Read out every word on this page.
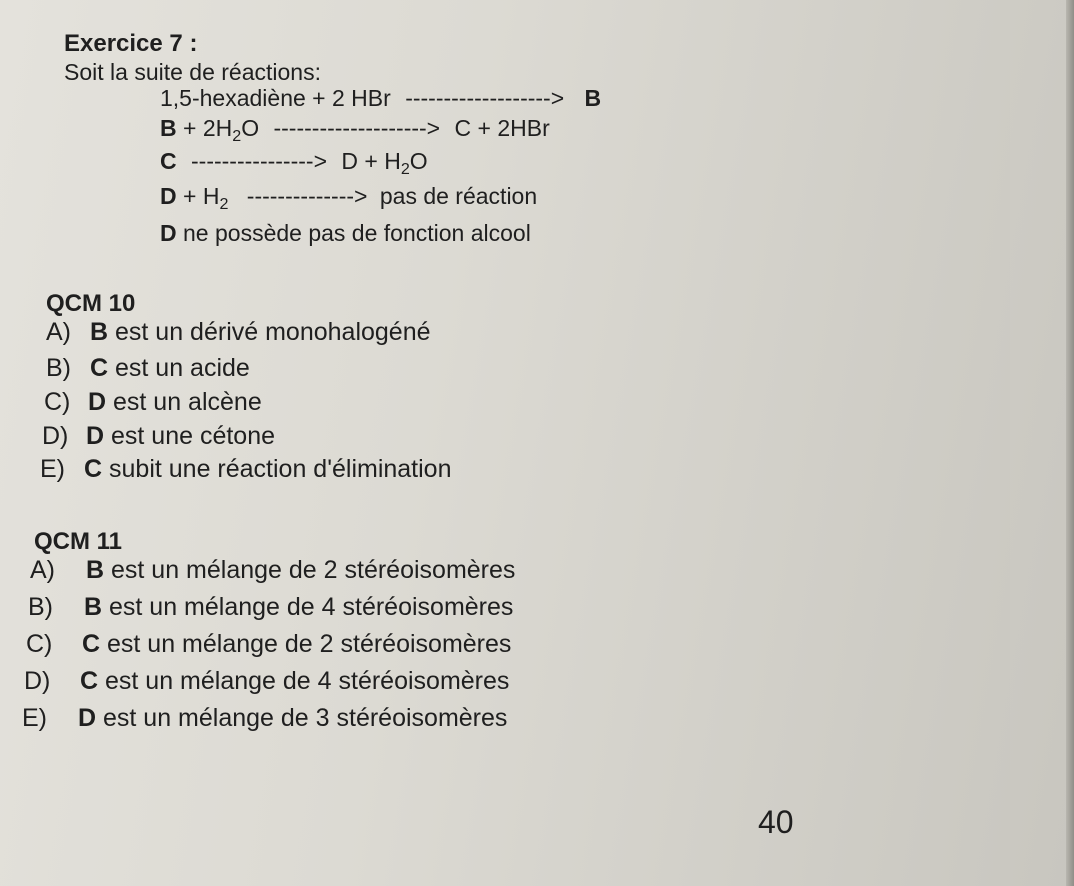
Exercice 7 :
Soit la suite de réactions:
1,5-hexadiène + 2 HBr -------------------> B
$B + 2H_2O$ --------------------> C + 2HBr
C ----------------> $D + H_2O$
$D + H_2$ --------------> pas de réaction
D ne possède pas de fonction alcool
QCM 10
A) B est un dérivé monohalogéné
B) C est un acide
C) D est un alcène
D) D est une cétone
E) C subit une réaction d'élimination
QCM 11
A) B est un mélange de 2 stéréoisomères
B) B est un mélange de 4 stéréoisomères
C) C est un mélange de 2 stéréoisomères
D) C est un mélange de 4 stéréoisomères
E) D est un mélange de 3 stéréoisomères
40
